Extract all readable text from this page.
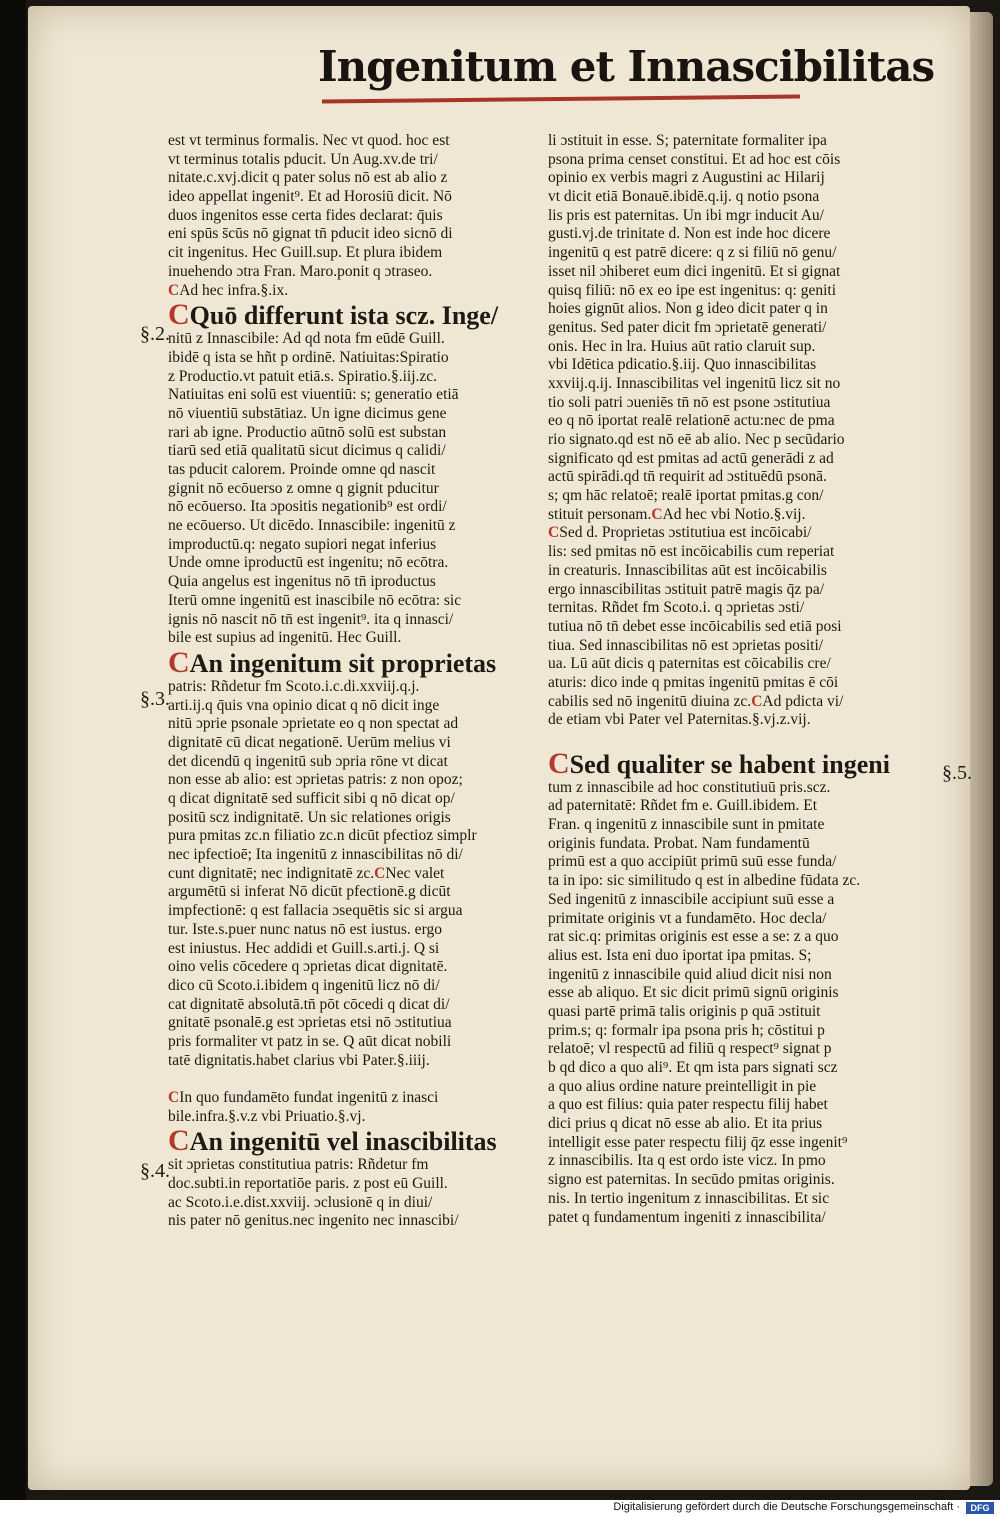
Ingenitum et Innascibilitas
§.2.
§.3.
§.4.
§.5.
est vt terminus formalis. Nec vt quod. hoc est
vt terminus totalis pducit. Un Aug.xv.de tri/
nitate.c.xvj.dicit q pater solus nō est ab alio z
ideo appellat ingenit⁹. Et ad Horosiū dicit. Nō
duos ingenitos esse certa fides declarat: q̄uis
eni spūs s̄cūs nō gignat tn̄ pducit ideo sicnō di
cit ingenitus. Hec Guill.sup. Et plura ibidem
inuehendo ɔtra Fran. Maro.ponit q ɔtraseo.
CAd hec infra.§.ix.
CQuō differunt ista scz. Inge/
nitū z Innascibile: Ad qd nota fm eūdē Guill.
ibidē q ista se hñt p ordinē. Natiuitas:Spiratio
z Productio.vt patuit etiā.s. Spiratio.§.iij.zc.
Natiuitas eni solū est viuentiū: s; generatio etiā
nō viuentiū substātiaz. Un igne dicimus gene
rari ab igne. Productio aūtnō solū est substan
tiarū sed etiā qualitatū sicut dicimus q calidi/
tas pducit calorem. Proinde omne qd nascit
gignit nō ecōuerso z omne q gignit pducitur
nō ecōuerso. Ita ɔpositis negationib⁹ est ordi/
ne ecōuerso. Ut dicēdo. Innascibile: ingenitū z
improductū.q: negato supiori negat inferius
Unde omne iproductū est ingenitu; nō ecōtra.
Quia angelus est ingenitus nō tn̄ iproductus
Iterū omne ingenitū est inascibile nō ecōtra: sic
ignis nō nascit nō tn̄ est ingenit⁹. ita q innasci/
bile est supius ad ingenitū. Hec Guill.
CAn ingenitum sit proprietas
patris: Rñdetur fm Scoto.i.c.di.xxviij.q.j.
arti.ij.q q̄uis vna opinio dicat q nō dicit inge
nitū ɔprie psonale ɔprietate eo q non spectat ad
dignitatē cū dicat negationē. Uerūm melius vi
det dicendū q ingenitū sub ɔpria rōne vt dicat
non esse ab alio: est ɔprietas patris: z non opoz;
q dicat dignitatē sed sufficit sibi q nō dicat op/
positū scz indignitatē. Un sic relationes origis
pura pmitas zc.n filiatio zc.n dicūt pfectioz simplr
nec ipfectioē; Ita ingenitū z innascibilitas nō di/
cunt dignitatē; nec indignitatē zc.CNec valet
argumētū si inferat Nō dicūt pfectionē.g dicūt
impfectionē: q est fallacia ɔsequētis sic si argua
tur. Iste.s.puer nunc natus nō est iustus. ergo
est iniustus. Hec addidi et Guill.s.arti.j. Q si
oino velis cōcedere q ɔprietas dicat dignitatē.
dico cū Scoto.i.ibidem q ingenitū licz nō di/
cat dignitatē absolutā.tn̄ pōt cōcedi q dicat di/
gnitatē psonalē.g est ɔprietas etsi nō ɔstitutiua
pris formaliter vt patz in se. Q aūt dicat nobili
tatē dignitatis.habet clarius vbi Pater.§.iiij.
CIn quo fundamēto fundat ingenitū z inasci
bile.infra.§.v.z vbi Priuatio.§.vj.
CAn ingenitū vel inascibilitas
sit ɔprietas constitutiua patris: Rñdetur fm
doc.subti.in reportatiōe paris. z post eū Guill.
ac Scoto.i.e.dist.xxviij. ɔclusionē q in diui/
nis pater nō genitus.nec ingenito nec innascibi/
li ɔstituit in esse. S; paternitate formaliter ipa
psona prima censet constitui. Et ad hoc est cōis
opinio ex verbis magri z Augustini ac Hilarij
vt dicit etiā Bonauē.ibidē.q.ij. q notio psona
lis pris est paternitas. Un ibi mgr inducit Au/
gusti.vj.de trinitate d. Non est inde hoc dicere
ingenitū q est patrē dicere: q z si filiū nō genu/
isset nil ɔhiberet eum dici ingenitū. Et si gignat
quisq filiū: nō ex eo ipe est ingenitus: q: geniti
hoies gignūt alios. Non g ideo dicit pater q in
genitus. Sed pater dicit fm ɔprietatē generati/
onis. Hec in lra. Huius aūt ratio claruit sup.
vbi Idētica pdicatio.§.iij. Quo innascibilitas
xxviij.q.ij. Innascibilitas vel ingenitū licz sit no
tio soli patri ɔueniēs tn̄ nō est psone ɔstitutiua
eo q nō iportat realē relationē actu:nec de pma
rio signato.qd est nō eē ab alio. Nec p secūdario
significato qd est pmitas ad actū generādi z ad
actū spirādi.qd tn̄ requirit ad ɔstituēdū psonā.
s; qm hāc relatoē; realē iportat pmitas.g con/
stituit personam.CAd hec vbi Notio.§.vij.
CSed d. Proprietas ɔstitutiua est incōicabi/
lis: sed pmitas nō est incōicabilis cum reperiat
in creaturis. Innascibilitas aūt est incōicabilis
ergo innascibilitas ɔstituit patrē magis q̄z pa/
ternitas. Rñdet fm Scoto.i. q ɔprietas ɔsti/
tutiua nō tn̄ debet esse incōicabilis sed etiā posi
tiua. Sed innascibilitas nō est ɔprietas positi/
ua. Lū aūt dicis q paternitas est cōicabilis cre/
aturis: dico inde q pmitas ingenitū pmitas ē cōi
cabilis sed nō ingenitū diuina zc.CAd pdicta vi/
de etiam vbi Pater vel Paternitas.§.vj.z.vij.
CSed qualiter se habent ingeni
tum z innascibile ad hoc constitutiuū pris.scz.
ad paternitatē: Rñdet fm e. Guill.ibidem. Et
Fran. q ingenitū z innascibile sunt in pmitate
originis fundata. Probat. Nam fundamentū
primū est a quo accipiūt primū suū esse funda/
ta in ipo: sic similitudo q est in albedine fūdata zc.
Sed ingenitū z innascibile accipiunt suū esse a
primitate originis vt a fundamēto. Hoc decla/
rat sic.q: primitas originis est esse a se: z a quo
alius est. Ista eni duo iportat ipa pmitas. S;
ingenitū z innascibile quid aliud dicit nisi non
esse ab aliquo. Et sic dicit primū signū originis
quasi partē primā talis originis p quā ɔstituit
prim.s; q: formalr ipa psona pris h; cōstitui p
relatoē; vl respectū ad filiū q respect⁹ signat p
b qd dico a quo ali⁹. Et qm ista pars signati scz
a quo alius ordine nature preintelligit in pie
a quo est filius: quia pater respectu filij habet
dici prius q dicat nō esse ab alio. Et ita prius
intelligit esse pater respectu filij q̄z esse ingenit⁹
z innascibilis. Ita q est ordo iste vicz. In pmo
signo est paternitas. In secūdo pmitas originis.
nis. In tertio ingenitum z innascibilitas. Et sic
patet q fundamentum ingeniti z innascibilita/
Digitalisierung gefördert durch die Deutsche Forschungsgemeinschaft ·	DFG
